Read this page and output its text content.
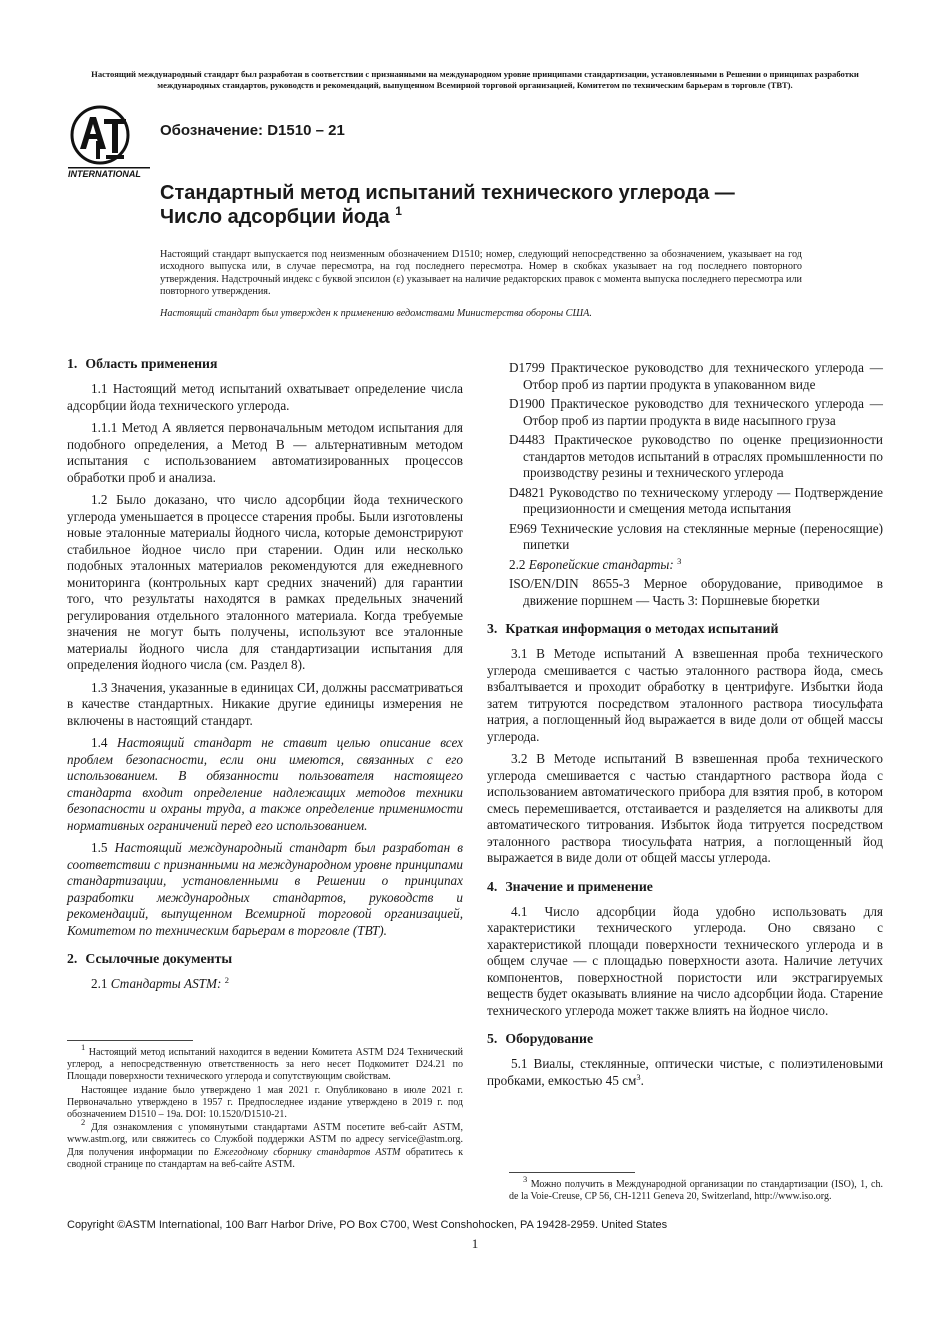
Настоящий международный стандарт был разработан в соответствии с признанными на международном уровне принципами стандартизации, установленными в Решении о принципах разработки международных стандартов, руководств и рекомендаций, выпущенном Всемирной торговой организацией, Комитетом по техническим барьерам в торговле (ТВТ).
INTERNATIONAL
Обозначение: D1510 – 21
Стандартный метод испытаний технического углерода —
Число адсорбции йода $^1$
Настоящий стандарт выпускается под неизменным обозначением D1510; номер, следующий непосредственно за обозначением, указывает на год исходного выпуска или, в случае пересмотра, на год последнего пересмотра. Номер в скобках указывает на год последнего повторного утверждения. Надстрочный индекс с буквой эпсилон (ε) указывает на наличие редакторских правок с момента выпуска последнего пересмотра или повторного утверждения.
Настоящий стандарт был утвержден к применению ведомствами Министерства обороны США.
1. Область применения

1.1 Настоящий метод испытаний охватывает определение числа адсорбции йода технического углерода.

1.1.1 Метод А является первоначальным методом испытания для подобного определения, а Метод В — альтернативным методом испытания с использованием автоматизированных процессов обработки проб и анализа.

1.2 Было доказано, что число адсорбции йода технического углерода уменьшается в процессе старения пробы. Были изготовлены новые эталонные материалы йодного числа, которые демонстрируют стабильное йодное число при старении. Один или несколько подобных эталонных материалов рекомендуются для ежедневного мониторинга (контрольных карт средних значений) для гарантии того, что результаты находятся в рамках предельных значений регулирования отдельного эталонного материала. Когда требуемые значения не могут быть получены, используют все эталонные материалы йодного числа для стандартизации испытания для определения йодного числа (см. Раздел 8).

1.3 Значения, указанные в единицах СИ, должны рассматриваться в качестве стандартных. Никакие другие единицы измерения не включены в настоящий стандарт.

1.4 Настоящий стандарт не ставит целью описание всех проблем безопасности, если они имеются, связанных с его использованием. В обязанности пользователя настоящего стандарта входит определение надлежащих методов техники безопасности и охраны труда, а также определение применимости нормативных ограничений перед его использованием.

1.5 Настоящий международный стандарт был разработан в соответствии с признанными на международном уровне принципами стандартизации, установленными в Решении о принципах разработки международных стандартов, руководств и рекомендаций, выпущенном Всемирной торговой организацией, Комитетом по техническим барьерам в торговле (ТВТ).

2. Ссылочные документы

2.1 Стандарты ASTM: $^2$

$^1$ Настоящий метод испытаний находится в ведении Комитета ASTM D24 Технический углерод, а непосредственную ответственность за него несет Подкомитет D24.21 по Площади поверхности технического углерода и сопутствующим свойствам.

Настоящее издание было утверждено 1 мая 2021 г. Опубликовано в июле 2021 г. Первоначально утверждено в 1957 г. Предпоследнее издание утверждено в 2019 г. под обозначением D1510 – 19a. DOI: 10.1520/D1510-21.

$^2$ Для ознакомления с упомянутыми стандартами ASTM посетите веб-сайт ASTM, www.astm.org, или свяжитесь со Службой поддержки ASTM по адресу service@astm.org. Для получения информации по Ежегодному сборнику стандартов ASTM обратитесь к сводной странице по стандартам на веб-сайте ASTM.

D1799 Практическое руководство для технического углерода — Отбор проб из партии продукта в упакованном виде
D1900 Практическое руководство для технического углерода — Отбор проб из партии продукта в виде насыпного груза
D4483 Практическое руководство по оценке прецизионности стандартов методов испытаний в отраслях промышленности по производству резины и технического углерода
D4821 Руководство по техническому углероду — Подтверждение прецизионности и смещения метода испытания
E969 Технические условия на стеклянные мерные (переносящие) пипетки
2.2 Европейские стандарты: $^3$
ISO/EN/DIN 8655-3 Мерное оборудование, приводимое в движение поршнем — Часть 3: Поршневые бюретки
3. Краткая информация о методах испытаний

3.1 В Методе испытаний А взвешенная проба технического углерода смешивается с частью эталонного раствора йода, смесь взбалтывается и проходит обработку в центрифуге. Избытки йода затем титруются посредством эталонного раствора тиосульфата натрия, а поглощенный йод выражается в виде доли от общей массы углерода.

3.2 В Методе испытаний В взвешенная проба технического углерода смешивается с частью стандартного раствора йода с использованием автоматического прибора для взятия проб, в котором смесь перемешивается, отстаивается и разделяется на аликвоты для автоматического титрования. Избыток йода титруется посредством эталонного раствора тиосульфата натрия, а поглощенный йод выражается в виде доли от общей массы углерода.

4. Значение и применение

4.1 Число адсорбции йода удобно использовать для характеристики технического углерода. Оно связано с характеристикой площади поверхности технического углерода и в общем случае — с площадью поверхности азота. Наличие летучих компонентов, поверхностной пористости или экстрагируемых веществ будет оказывать влияние на число адсорбции йода. Старение технического углерода может также влиять на йодное число.

5. Оборудование

5.1 Виалы, стеклянные, оптически чистые, с полиэтиленовыми пробками, емкостью 45 $см^3$.

$^3$ Можно получить в Международной организации по стандартизации (ISO), 1, ch. de la Voie-Creuse, CP 56, CH-1211 Geneva 20, Switzerland, http://www.iso.org.

Copyright ©ASTM International, 100 Barr Harbor Drive, PO Box C700, West Conshohocken, PA 19428-2959. United States
1
